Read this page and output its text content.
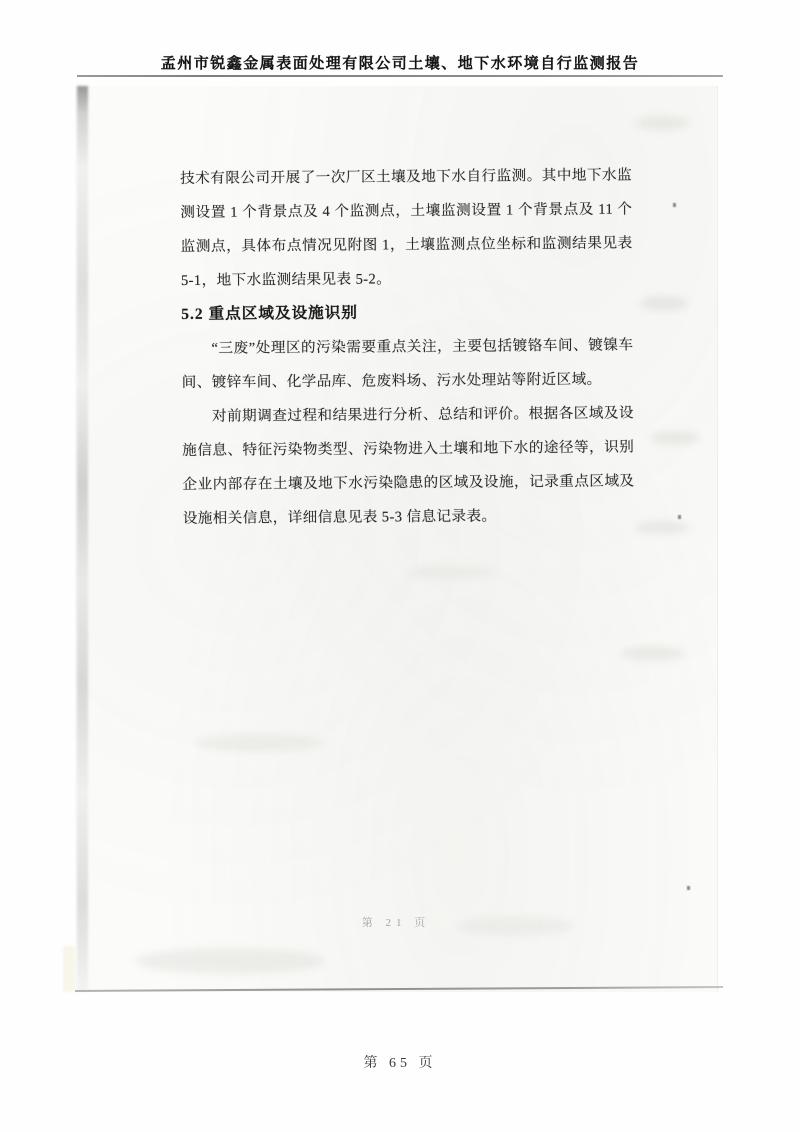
孟州市锐鑫金属表面处理有限公司土壤、地下水环境自行监测报告
技术有限公司开展了一次厂区土壤及地下水自行监测。其中地下水监
测设置 1 个背景点及 4 个监测点，土壤监测设置 1 个背景点及 11 个
监测点，具体布点情况见附图 1，土壤监测点位坐标和监测结果见表
5-1，地下水监测结果见表 5-2。
5.2 重点区域及设施识别
“三废”处理区的污染需要重点关注，主要包括镀铬车间、镀镍车
间、镀锌车间、化学品库、危废料场、污水处理站等附近区域。
对前期调查过程和结果进行分析、总结和评价。根据各区域及设
施信息、特征污染物类型、污染物进入土壤和地下水的途径等，识别
企业内部存在土壤及地下水污染隐患的区域及设施，记录重点区域及
设施相关信息，详细信息见表 5-3 信息记录表。
第 21 页
第 65 页
